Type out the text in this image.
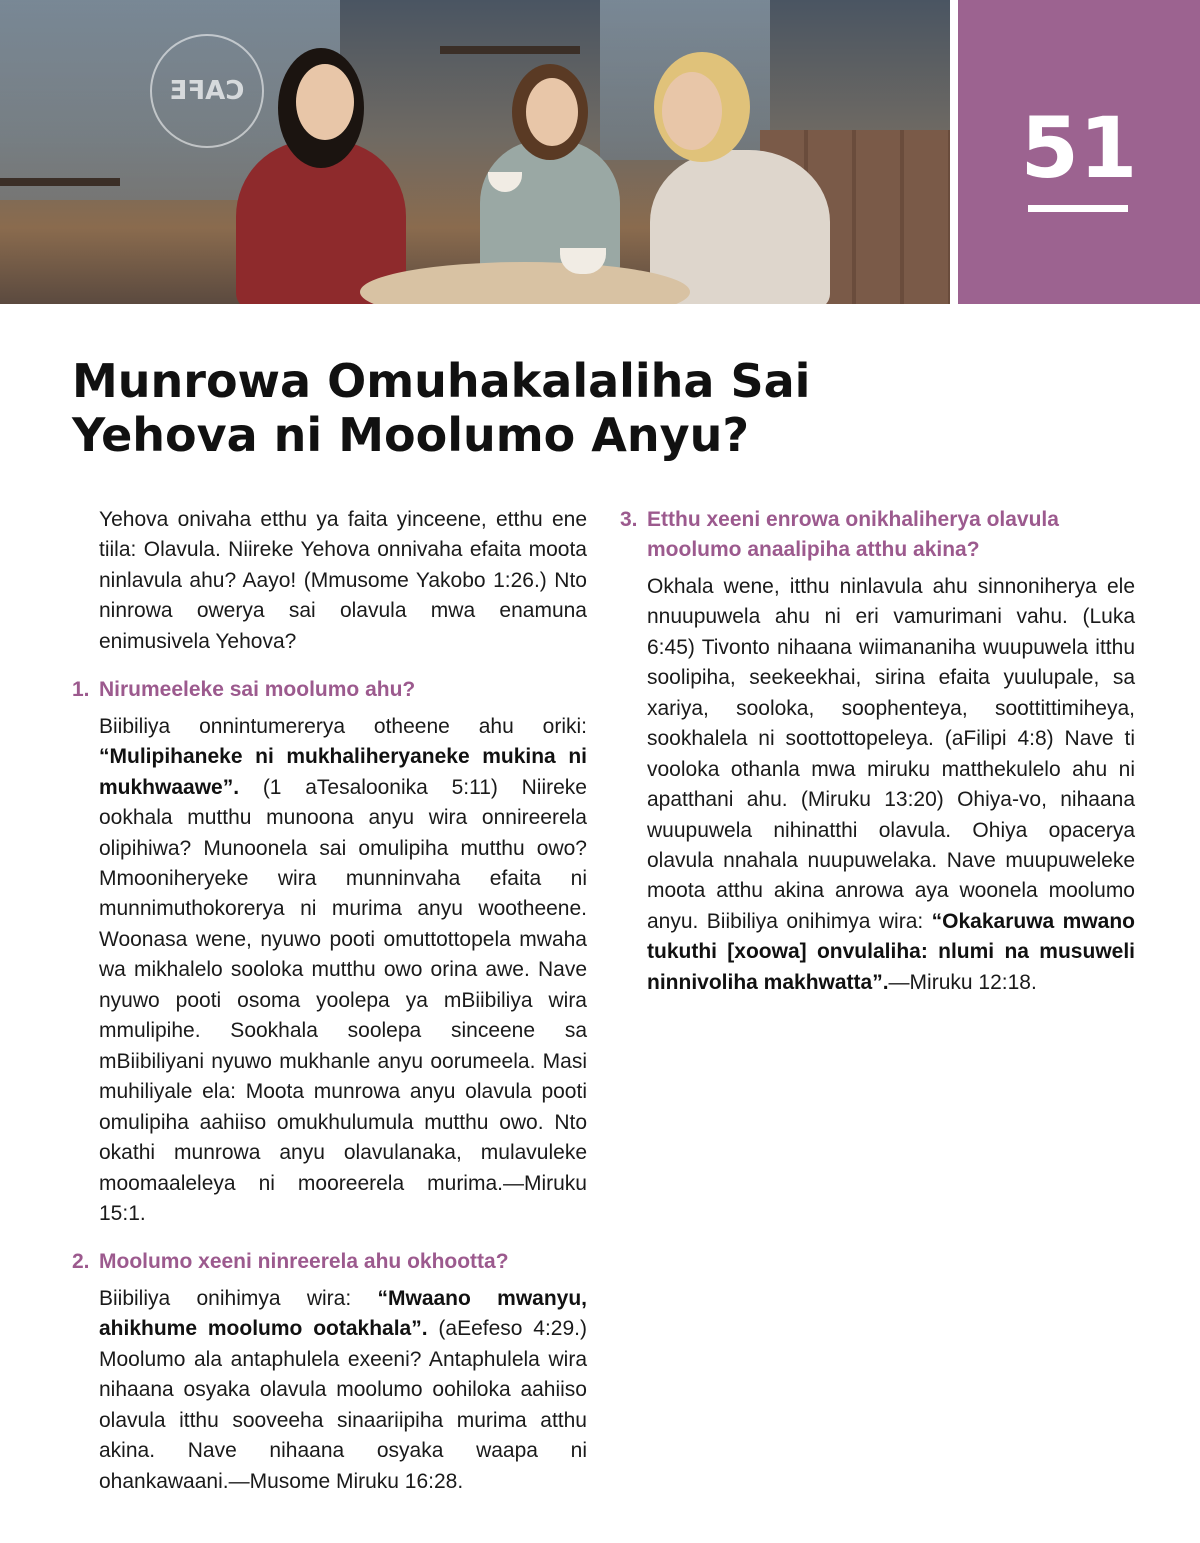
CAFE
51
Munrowa Omuhakalaliha Sai
Yehova ni Moolumo Anyu?

Yehova onivaha etthu ya faita yinceene, etthu ene tiila: Olavula. Niireke Yehova onnivaha efaita moota ninlavula ahu? Aayo! (Mmusome Yakobo 1:26.) Nto ninrowa owerya sai olavula mwa enamuna enimusivela Yehova?

1. Nirumeeleke sai moolumo ahu?

Biibiliya onnintumererya otheene ahu oriki: “Mulipihaneke ni mukhaliheryaneke mukina ni mukhwaawe”. (1 aTesaloonika 5:11) Niireke ookhala mutthu munoona anyu wira onnireerela olipihiwa? Munoonela sai omulipiha mutthu owo? Mmooniheryeke wira munninvaha efaita ni munnimuthokorerya ni murima anyu wootheene. Woonasa wene, nyuwo pooti omuttottopela mwaha wa mikhalelo sooloka mutthu owo orina awe. Nave nyuwo pooti osoma yoolepa ya mBiibiliya wira mmulipihe. Sookhala soolepa sinceene sa mBiibiliyani nyuwo mukhanle anyu oorumeela. Masi muhiliyale ela: Moota munrowa anyu olavula pooti omulipiha aahiiso omukhulumula mutthu owo. Nto okathi munrowa anyu olavulanaka, mulavuleke moomaaleleya ni mooreerela murima.—Miruku 15:1.

2. Moolumo xeeni ninreerela ahu okhootta?

Biibiliya onihimya wira: “Mwaano mwanyu, ahikhume moolumo ootakhala”. (aEefeso 4:29.) Moolumo ala antaphulela exeeni? Antaphulela wira nihaana osyaka olavula moolumo oohiloka aahiiso olavula itthu sooveeha sinaariipiha murima atthu akina. Nave nihaana osyaka waapa ni ohankawaani.—Musome Miruku 16:28.

3. Etthu xeeni enrowa onikhaliherya olavula moolumo anaalipiha atthu akina?

Okhala wene, itthu ninlavula ahu sinnoniherya ele nnuupuwela ahu ni eri vamurimani vahu. (Luka 6:45) Tivonto nihaana wiimananiha wuupuwela itthu soolipiha, seekeekhai, sirina efaita yuulupale, sa xariya, sooloka, soophenteya, soottittimiheya, sookhalela ni soottottopeleya. (aFilipi 4:8) Nave ti vooloka othanla mwa miruku matthekulelo ahu ni apatthani ahu. (Miruku 13:20) Ohiya-vo, nihaana wuupuwela nihinatthi olavula. Ohiya opacerya olavula nnahala nuupuwelaka. Nave muupuweleke moota atthu akina anrowa aya woonela moolumo anyu. Biibiliya onihimya wira: “Okakaruwa mwano tukuthi [xoowa] onvulaliha: nlumi na musuweli ninnivoliha makhwatta”.—Miruku 12:18.
